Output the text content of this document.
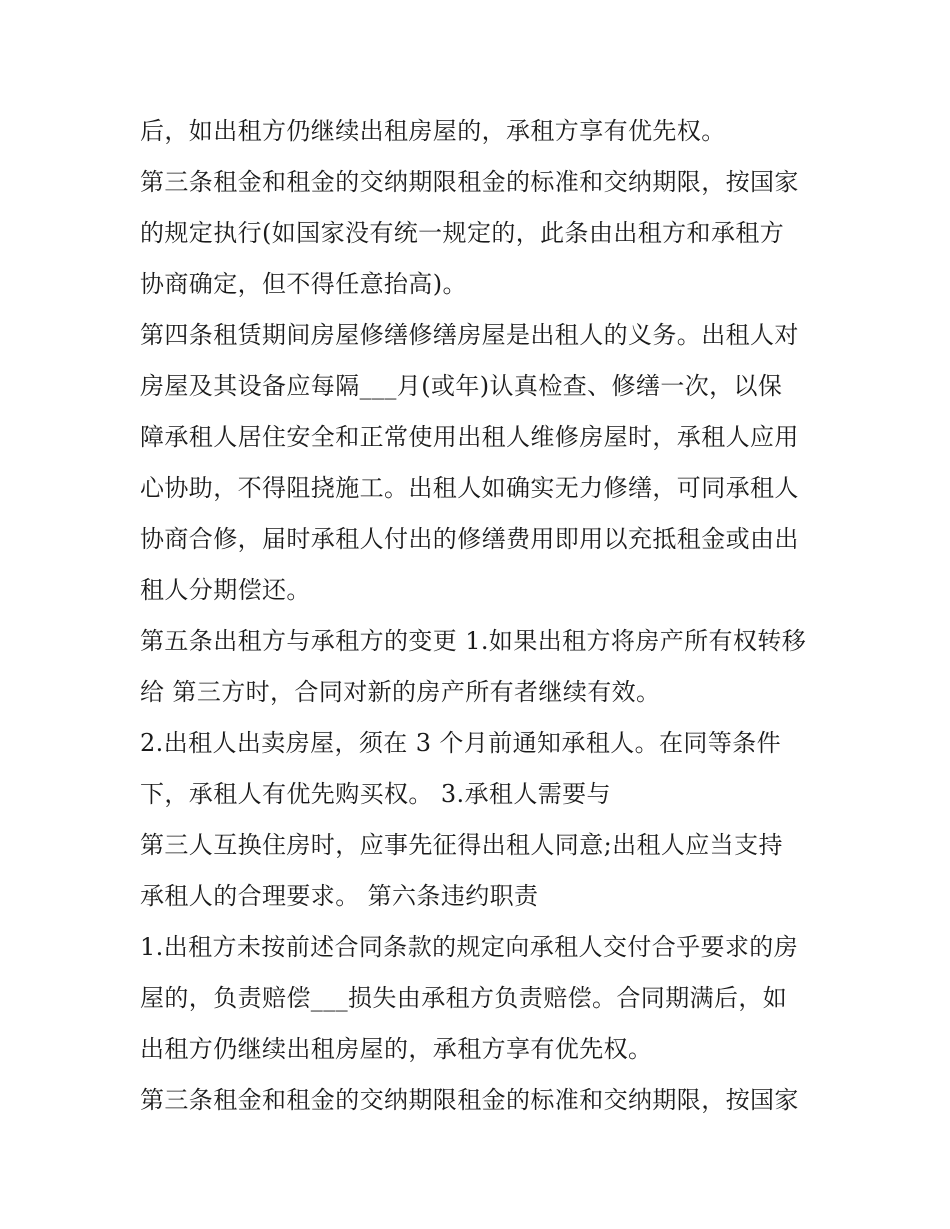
后，如出租方仍继续出租房屋的，承租方享有优先权。
第三条租金和租金的交纳期限租金的标准和交纳期限，按国家
的规定执行(如国家没有统一规定的，此条由出租方和承租方
协商确定，但不得任意抬高)。
第四条租赁期间房屋修缮修缮房屋是出租人的义务。出租人对
房屋及其设备应每隔___月(或年)认真检查、修缮一次，以保
障承租人居住安全和正常使用出租人维修房屋时，承租人应用
心协助，不得阻挠施工。出租人如确实无力修缮，可同承租人
协商合修，届时承租人付出的修缮费用即用以充抵租金或由出
租人分期偿还。
第五条出租方与承租方的变更 1.如果出租方将房产所有权转移
给 第三方时，合同对新的房产所有者继续有效。
2.出租人出卖房屋，须在 3 个月前通知承租人。在同等条件
下，承租人有优先购买权。 3.承租人需要与
第三人互换住房时，应事先征得出租人同意;出租人应当支持
承租人的合理要求。 第六条违约职责
1.出租方未按前述合同条款的规定向承租人交付合乎要求的房
屋的，负责赔偿___损失由承租方负责赔偿。合同期满后，如
出租方仍继续出租房屋的，承租方享有优先权。
第三条租金和租金的交纳期限租金的标准和交纳期限，按国家
